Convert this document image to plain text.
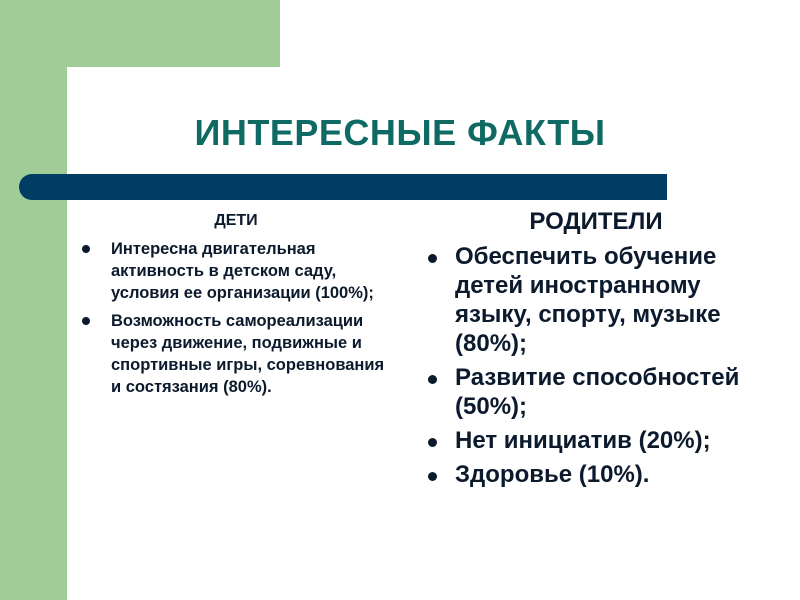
ИНТЕРЕСНЫЕ ФАКТЫ
ДЕТИ
Интересна двигательная активность в детском саду, условия ее организации (100%);
Возможность самореализации через движение, подвижные и спортивные игры, соревнования и состязания (80%).
РОДИТЕЛИ
Обеспечить обучение детей иностранному языку, спорту, музыке (80%);
Развитие способностей (50%);
Нет инициатив (20%);
Здоровье (10%).
